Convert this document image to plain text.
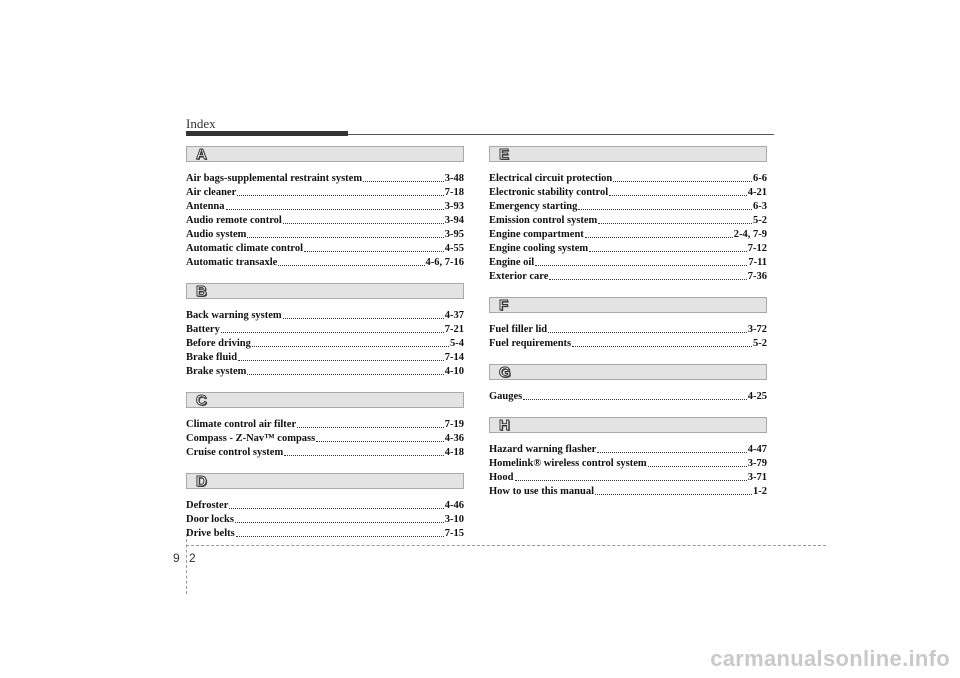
Index
A
Air bags-supplemental restraint system	3-48
Air cleaner	7-18
Antenna	3-93
Audio remote control	3-94
Audio system	3-95
Automatic climate control	4-55
Automatic transaxle	4-6, 7-16
B
Back warning system	4-37
Battery	7-21
Before driving	5-4
Brake fluid	7-14
Brake system	4-10
C
Climate control air filter	7-19
Compass - Z-Nav™ compass	4-36
Cruise control system	4-18
D
Defroster	4-46
Door locks	3-10
Drive belts	7-15
E
Electrical circuit protection	6-6
Electronic stability control	4-21
Emergency starting	6-3
Emission control system	5-2
Engine compartment	2-4, 7-9
Engine cooling system	7-12
Engine oil	7-11
Exterior care	7-36
F
Fuel filler lid	3-72
Fuel requirements	5-2
G
Gauges	4-25
H
Hazard warning flasher	4-47
Homelink® wireless control system	3-79
Hood	3-71
How to use this manual	1-2
9 2
carmanualsonline.info
